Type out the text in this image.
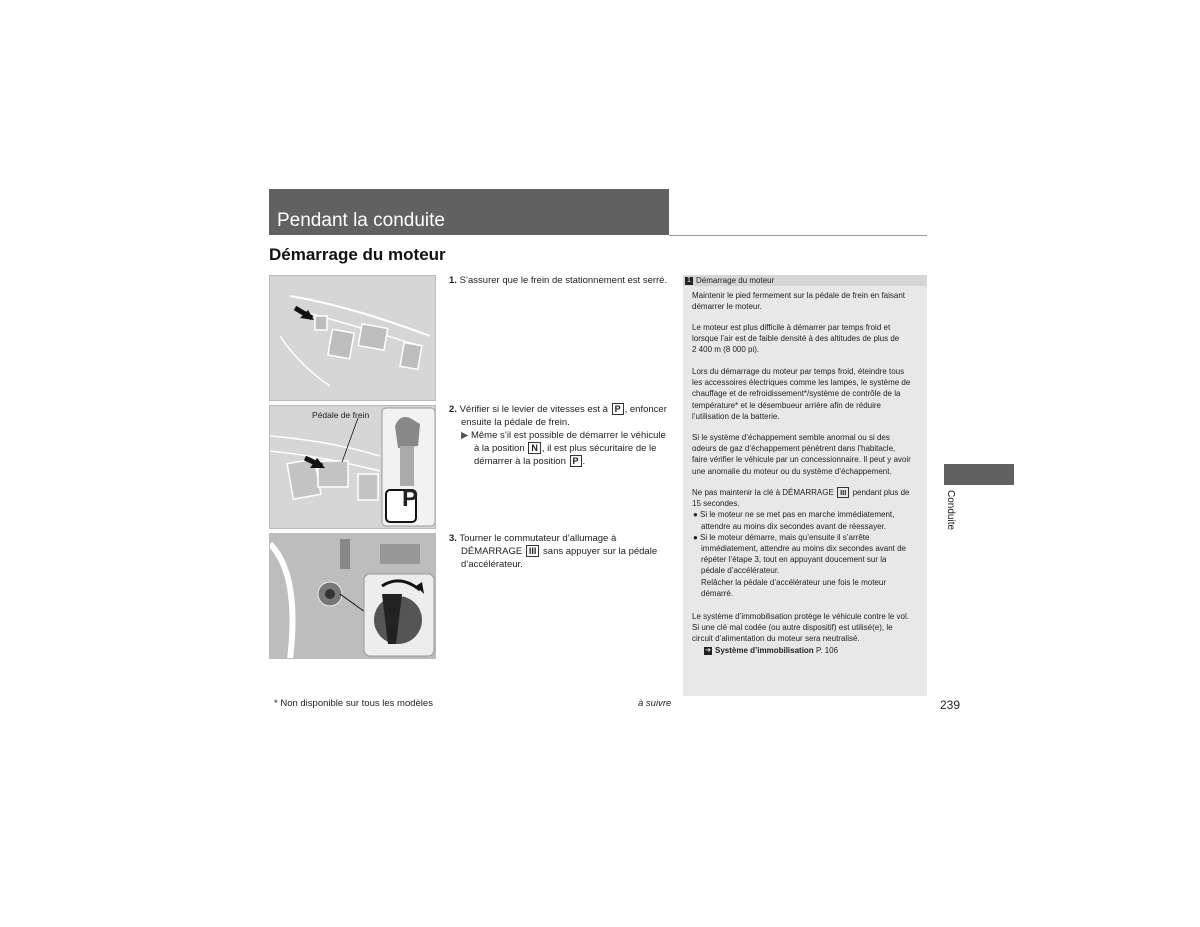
Pendant la conduite
Démarrage du moteur
Pédale de frein
P
1. S’assurer que le frein de stationnement est serré.
2. Vérifier si le levier de vitesses est à P , enfoncer
ensuite la pédale de frein.
▶ Même s’il est possible de démarrer le véhicule
à la position N , il est plus sécuritaire de le
démarrer à la position P .
3. Tourner le commutateur d’allumage à
DÉMARRAGE III sans appuyer sur la pédale
d’accélérateur.
1 Démarrage du moteur
Maintenir le pied fermement sur la pédale de frein en faisant
démarrer le moteur.
Le moteur est plus difficile à démarrer par temps froid et
lorsque l’air est de faible densité à des altitudes de plus de
2 400 m (8 000 pi).
Lors du démarrage du moteur par temps froid, éteindre tous
les accessoires électriques comme les lampes, le système de
chauffage et de refroidissement*/système de contrôle de la
température* et le désembueur arrière afin de réduire
l’utilisation de la batterie.
Si le système d’échappement semble anormal ou si des
odeurs de gaz d’échappement pénètrent dans l’habitacle,
faire vérifier le véhicule par un concessionnaire. Il peut y avoir
une anomalie du moteur ou du système d’échappement.
Ne pas maintenir la clé à DÉMARRAGE III pendant plus de
15 secondes.
● Si le moteur ne se met pas en marche immédiatement,
attendre au moins dix secondes avant de réessayer.
● Si le moteur démarre, mais qu’ensuite il s’arrête
immédiatement, attendre au moins dix secondes avant de
répéter l’étape 3, tout en appuyant doucement sur la
pédale d’accélérateur.
Relâcher la pédale d’accélérateur une fois le moteur
démarré.
Le système d’immobilisation protège le véhicule contre le vol.
Si une clé mal codée (ou autre dispositif) est utilisé(e), le
circuit d’alimentation du moteur sera neutralisé.
➔ Système d’immobilisation P. 106
Conduite
* Non disponible sur tous les modèles	à suivre	239
